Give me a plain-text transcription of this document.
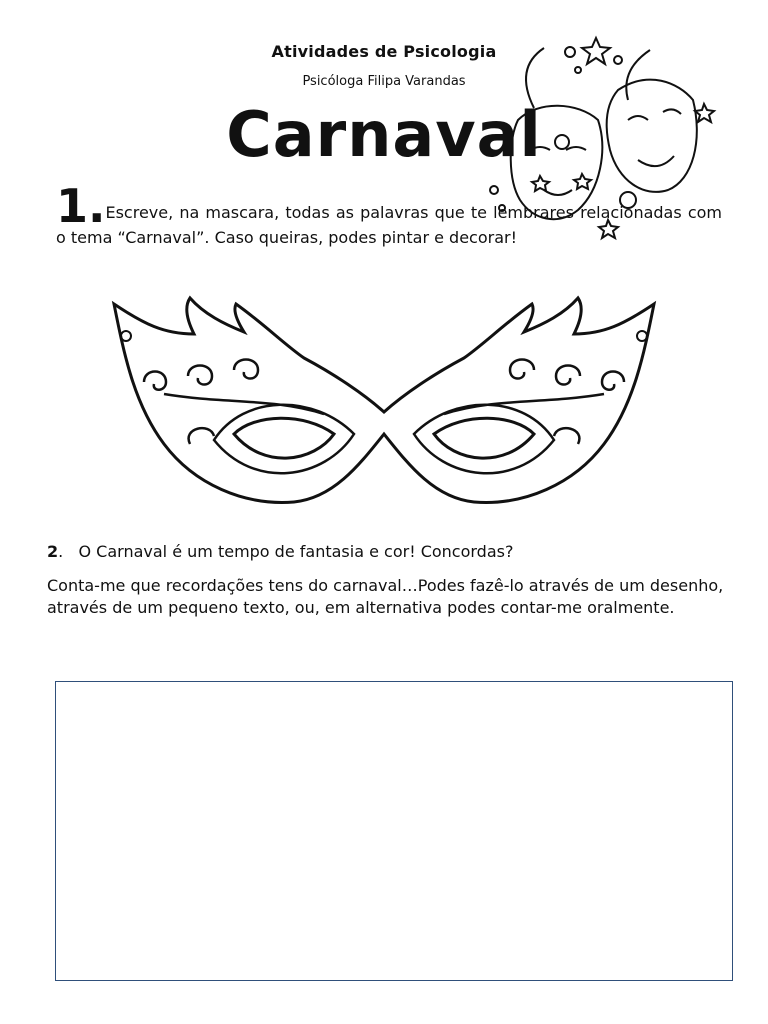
Atividades de Psicologia
Psicóloga Filipa Varandas
Carnaval
1.Escreve, na mascara, todas as palavras que te lembrares relacionadas com o tema “Carnaval”. Caso queiras, podes pintar e decorar!
2. O Carnaval é um tempo de fantasia e cor! Concordas?
Conta-me que recordações tens do carnaval…Podes fazê-lo através de um desenho, através de um pequeno texto, ou, em alternativa podes contar-me oralmente.
